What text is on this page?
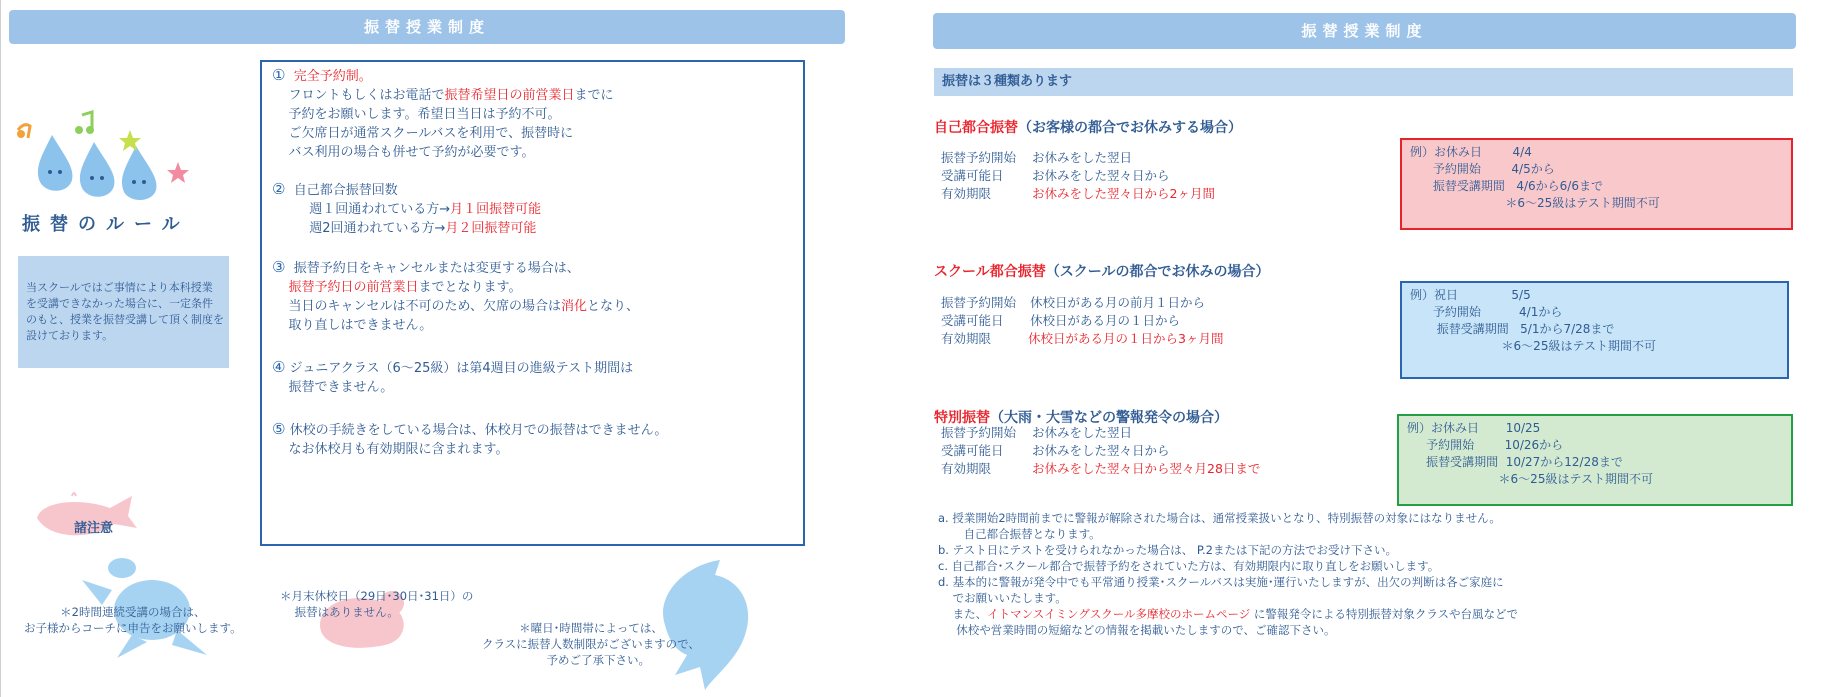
振替授業制度
振替のルール
当スクールではご事情により本科授業
を受講できなかった場合に、一定条件
のもと、授業を振替受講して頂く制度を
設けております。
① 完全予約制。
フロントもしくはお電話で振替希望日の前営業日までに
予約をお願いします。希望日当日は予約不可。
ご欠席日が通常スクールバスを利用で、振替時に
バス利用の場合も併せて予約が必要です。
②  自己都合振替回数
週１回通われている方→月１回振替可能
週2回通われている方→月２回振替可能
③  振替予約日をキャンセルまたは変更する場合は、
振替予約日の前営業日までとなります。
当日のキャンセルは不可のため、欠席の場合は消化となり、
取り直しはできません。
④ ジュニアクラス（6～25級）は第4週目の進級テスト期間は
振替できません。
⑤ 休校の手続きをしている場合は、休校月での振替はできません。
なお休校月も有効期限に含まれます。
諸注意
＊2時間連続受講の場合は、
お子様からコーチに申告をお願いします。
＊月末休校日（29日･30日･31日）の
振替はありません。
＊曜日･時間帯によっては、
クラスに振替人数制限がございますので、
予めご了承下さい。
振替授業制度
振替は３種類あります
自己都合振替（お客様の都合でお休みする場合）
振替予約開始 お休みをした翌日
受講可能日 お休みをした翌々日から
有効期限	お休みをした翌々日から2ヶ月間
例）お休み日        4/4
予約開始        4/5から
振替受講期間   4/6から6/6まで
＊6～25級はテスト期間不可
スクール都合振替（スクールの都合でお休みの場合）
振替予約開始 休校日がある月の前月１日から
受講可能日 休校日がある月の１日から
有効期限	休校日がある月の１日から3ヶ月間
例）祝日              5/5
予約開始          4/1から
振替受講期間   5/1から7/28まで
＊6～25級はテスト期間不可
特別振替（大雨・大雪などの警報発令の場合）
振替予約開始 お休みをした翌日
受講可能日 お休みをした翌々日から
有効期限	お休みをした翌々日から翌々月28日まで
例）お休み日       10/25
予約開始        10/26から
振替受講期間  10/27から12/28まで
＊6～25級はテスト期間不可
a. 授業開始2時間前までに警報が解除された場合は、通常授業扱いとなり、特別振替の対象にはなりません。
自己都合振替となります。
b. テスト日にテストを受けられなかった場合は、 P.2または下記の方法でお受け下さい。
c. 自己都合･スクール都合で振替予約をされていた方は、有効期限内に取り直しをお願いします。
d. 基本的に警報が発令中でも平常通り授業･スクールバスは実施･運行いたしますが、出欠の判断は各ご家庭に
でお願いいたします。
また、イトマンスイミングスクール多摩校のホームページ に警報発令による特別振替対象クラスや台風などで
休校や営業時間の短縮などの情報を掲載いたしますので、ご確認下さい。
